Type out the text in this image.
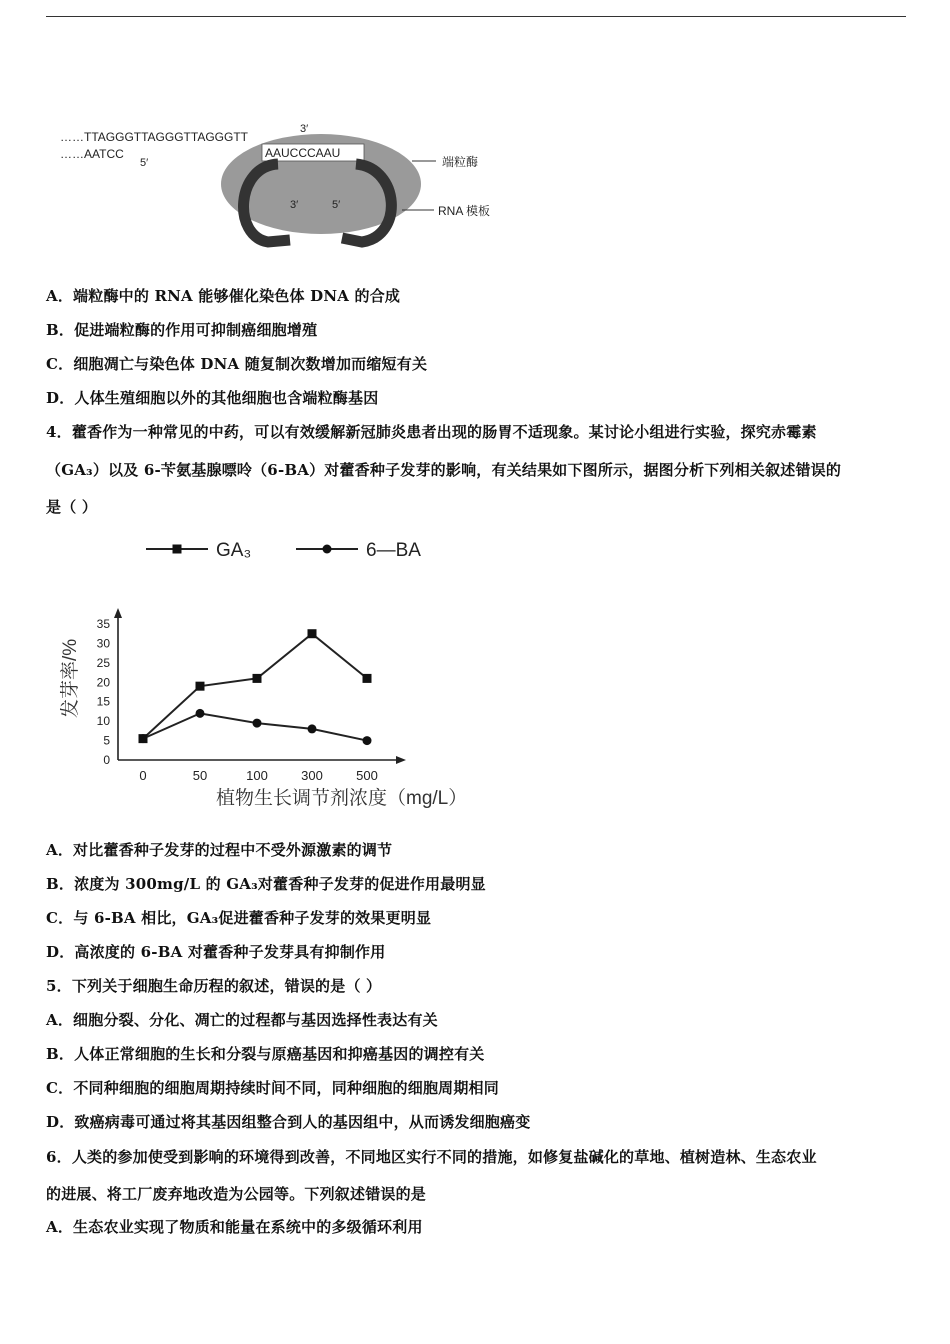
……TTAGGGTTAGGGTTAGGGTT
3′
……AATCC
5′
AAUCCCAAU
3′	5′
端粒酶
RNA 模板
A．端粒酶中的 RNA 能够催化染色体 DNA 的合成
B．促进端粒酶的作用可抑制癌细胞增殖
C．细胞凋亡与染色体 DNA 随复制次数增加而缩短有关
D．人体生殖细胞以外的其他细胞也含端粒酶基因
4．藿香作为一种常见的中药，可以有效缓解新冠肺炎患者出现的肠胃不适现象。某讨论小组进行实验，探究赤霉素
（GA₃）以及 6-苄氨基腺嘌呤（6-BA）对藿香种子发芽的影响，有关结果如下图所示，据图分析下列相关叙述错误的
是（ ）
GA₃	6—BA
0
5
10
15
20
25
30
35
0	50	100	300	500
植物生长调节剂浓度（mg/L）
发芽率/%
A．对比藿香种子发芽的过程中不受外源激素的调节
B．浓度为 300mg/L 的 GA₃对藿香种子发芽的促进作用最明显
C．与 6-BA 相比，GA₃促进藿香种子发芽的效果更明显
D．高浓度的 6-BA 对藿香种子发芽具有抑制作用
5．下列关于细胞生命历程的叙述，错误的是（ ）
A．细胞分裂、分化、凋亡的过程都与基因选择性表达有关
B．人体正常细胞的生长和分裂与原癌基因和抑癌基因的调控有关
C．不同种细胞的细胞周期持续时间不同，同种细胞的细胞周期相同
D．致癌病毒可通过将其基因组整合到人的基因组中，从而诱发细胞癌变
6．人类的参加使受到影响的环境得到改善，不同地区实行不同的措施，如修复盐碱化的草地、植树造林、生态农业
的进展、将工厂废弃地改造为公园等。下列叙述错误的是
A．生态农业实现了物质和能量在系统中的多级循环利用
